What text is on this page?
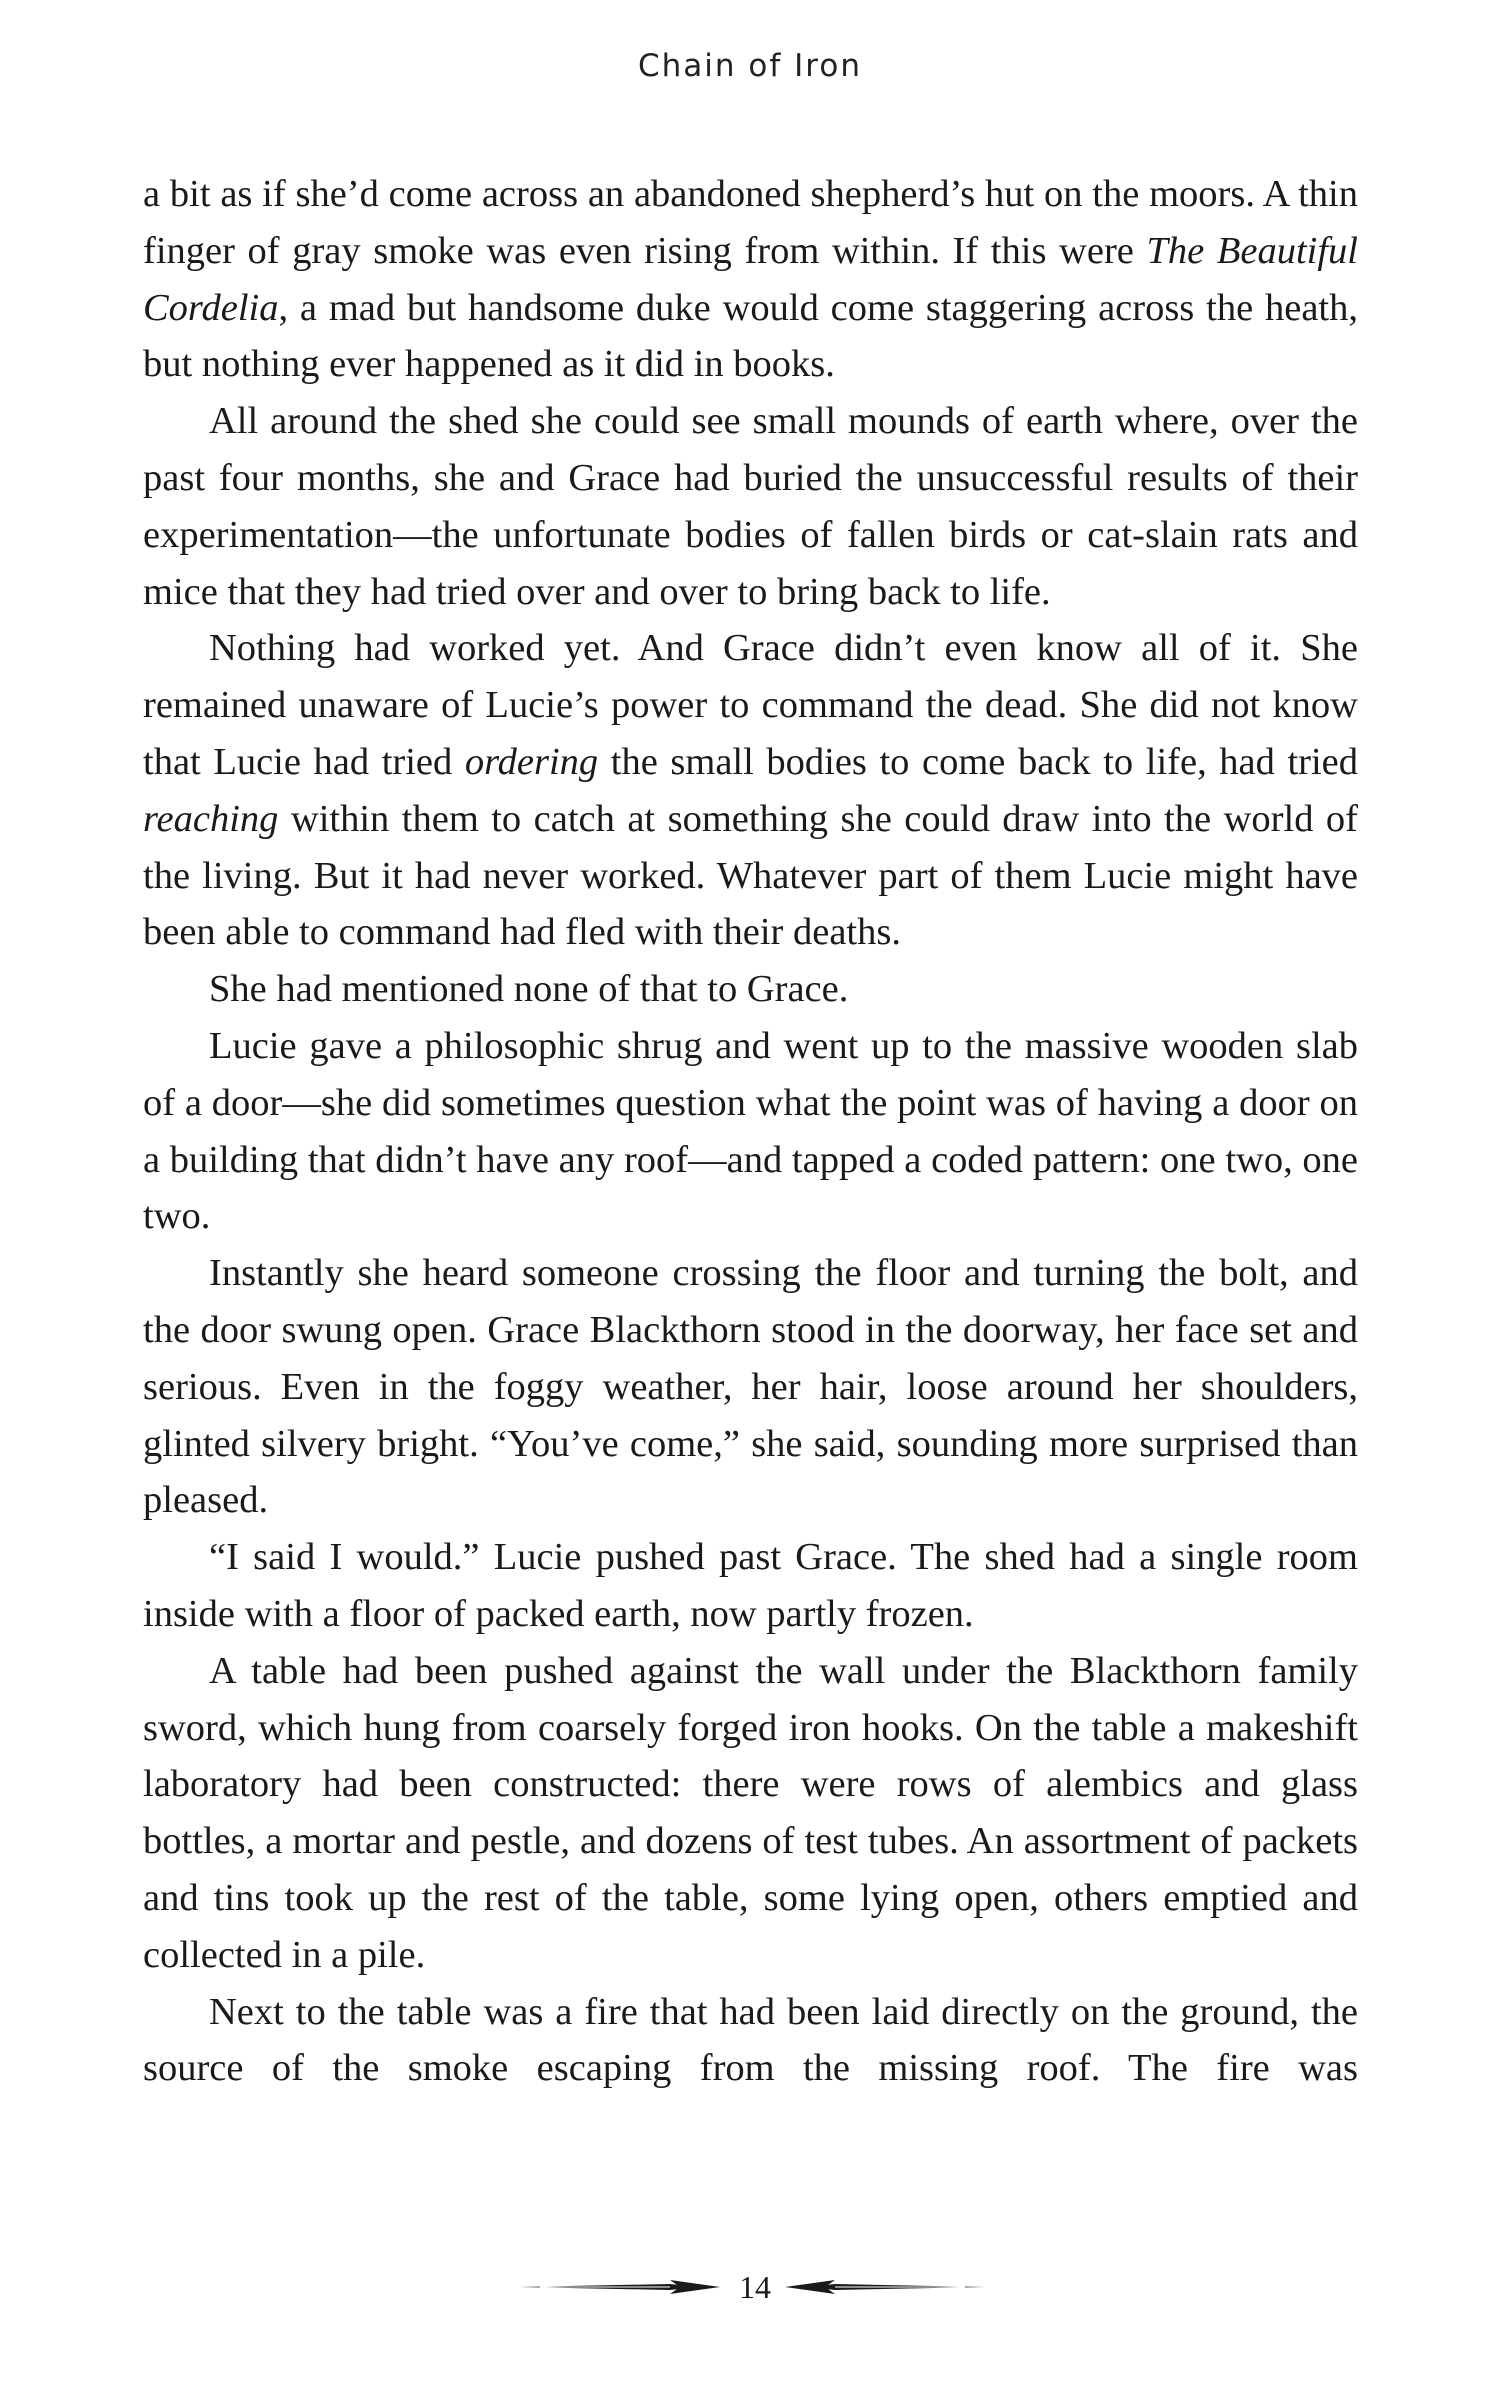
Chain of Iron

a bit as if she’d come across an abandoned shepherd’s hut on the moors. A thin finger of gray smoke was even rising from within. If this were The Beautiful Cordelia, a mad but handsome duke would come staggering across the heath, but nothing ever happened as it did in books.

All around the shed she could see small mounds of earth where, over the past four months, she and Grace had buried the unsuccessful results of their experimentation—the unfortunate bodies of fallen birds or cat-slain rats and mice that they had tried over and over to bring back to life.

Nothing had worked yet. And Grace didn’t even know all of it. She remained unaware of Lucie’s power to command the dead. She did not know that Lucie had tried ordering the small bodies to come back to life, had tried reaching within them to catch at something she could draw into the world of the living. But it had never worked. Whatever part of them Lucie might have been able to command had fled with their deaths.

She had mentioned none of that to Grace.

Lucie gave a philosophic shrug and went up to the massive wooden slab of a door—she did sometimes question what the point was of having a door on a building that didn’t have any roof—and tapped a coded pattern: one two, one two.

Instantly she heard someone crossing the floor and turning the bolt, and the door swung open. Grace Blackthorn stood in the doorway, her face set and serious. Even in the foggy weather, her hair, loose around her shoulders, glinted silvery bright. “You’ve come,” she said, sounding more surprised than pleased.

“I said I would.” Lucie pushed past Grace. The shed had a single room inside with a floor of packed earth, now partly frozen.

A table had been pushed against the wall under the Blackthorn family sword, which hung from coarsely forged iron hooks. On the table a makeshift laboratory had been constructed: there were rows of alembics and glass bottles, a mortar and pestle, and dozens of test tubes. An assortment of packets and tins took up the rest of the table, some lying open, others emptied and collected in a pile.

Next to the table was a fire that had been laid directly on the ground, the source of the smoke escaping from the missing roof. The fire was

14
